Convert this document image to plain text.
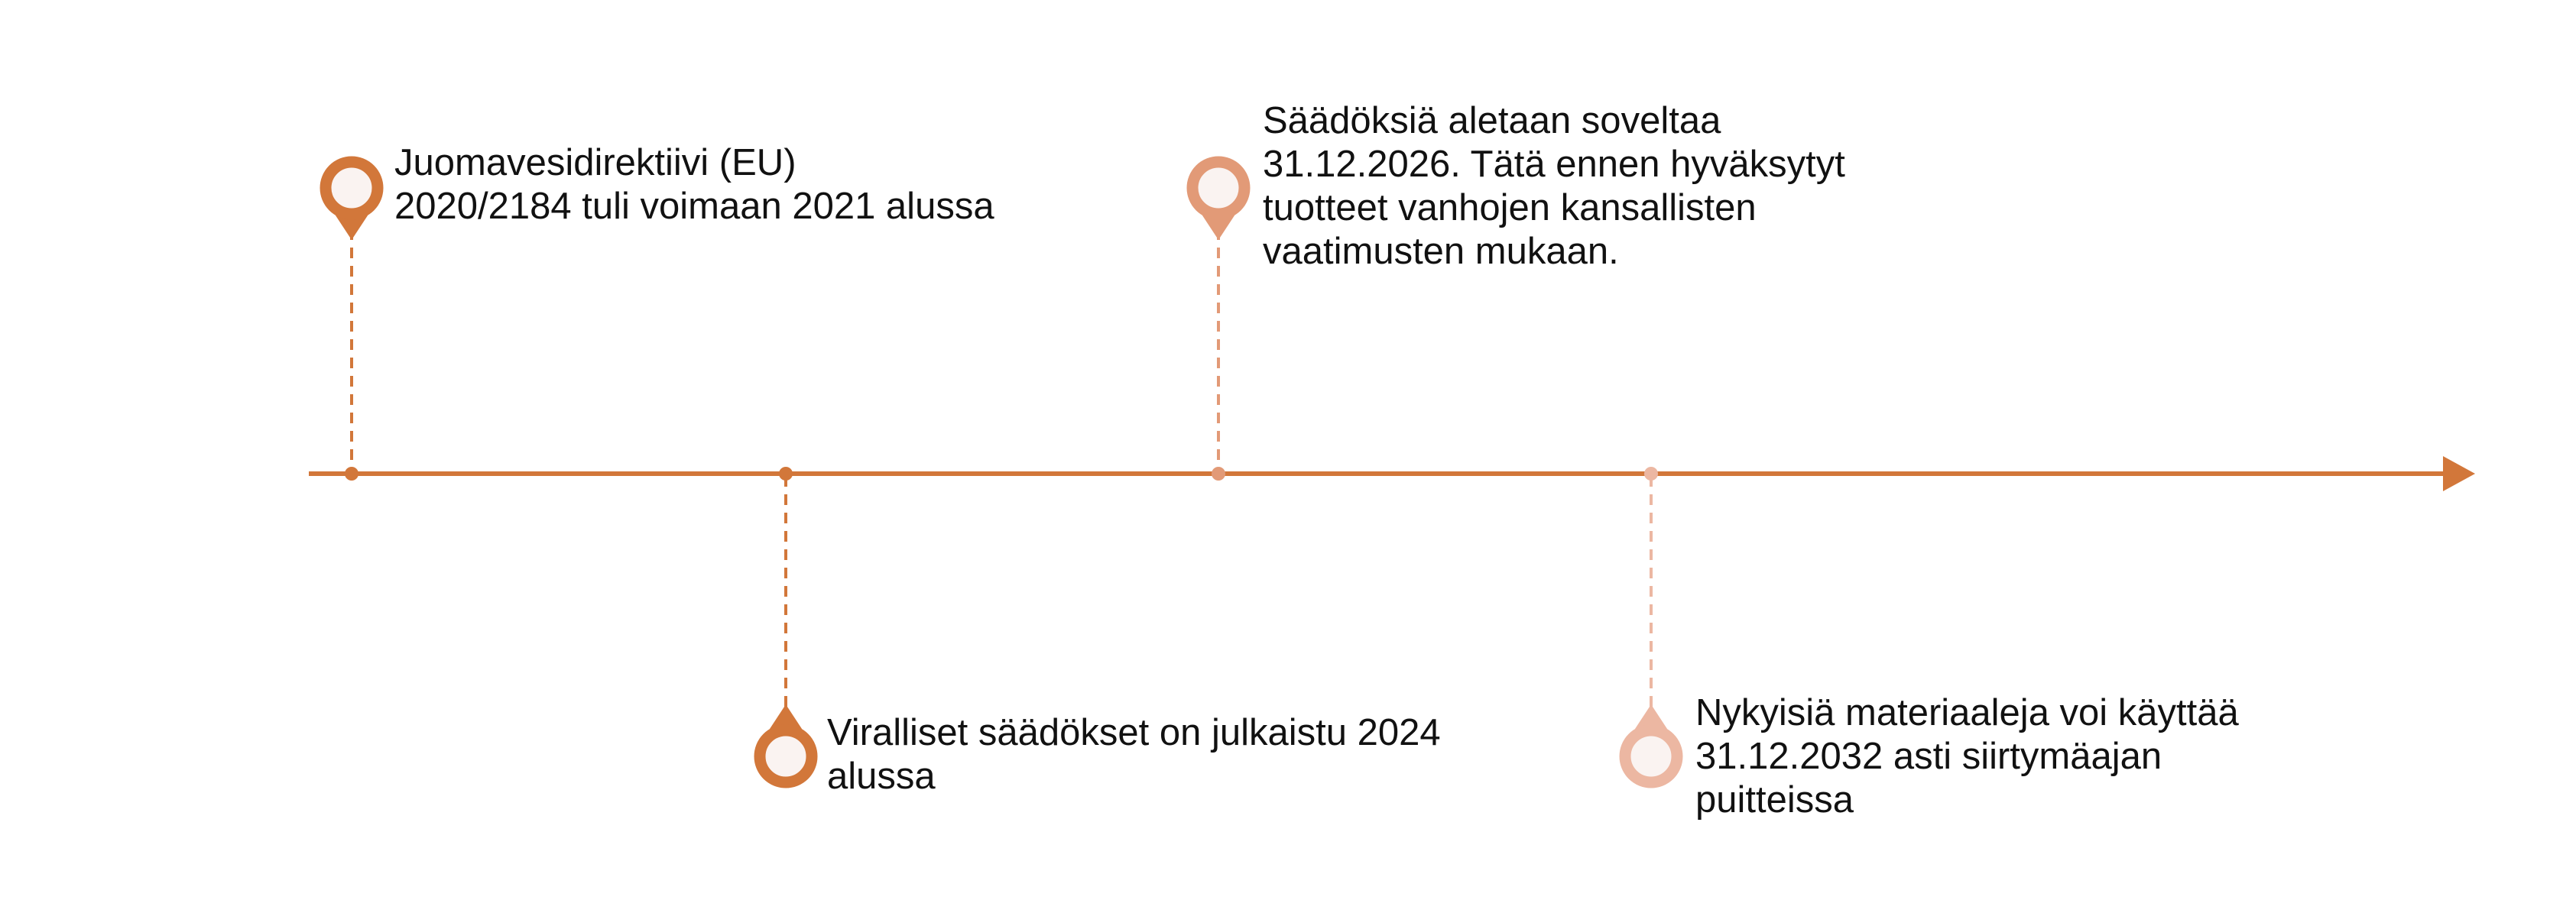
Juomavesidirektiivi (EU)
2020/2184 tuli voimaan 2021 alussa
Viralliset säädökset on julkaistu 2024
alussa
Säädöksiä aletaan soveltaa
31.12.2026. Tätä ennen hyväksytyt
tuotteet vanhojen kansallisten
vaatimusten mukaan.
Nykyisiä materiaaleja voi käyttää
31.12.2032 asti siirtymäajan
puitteissa
